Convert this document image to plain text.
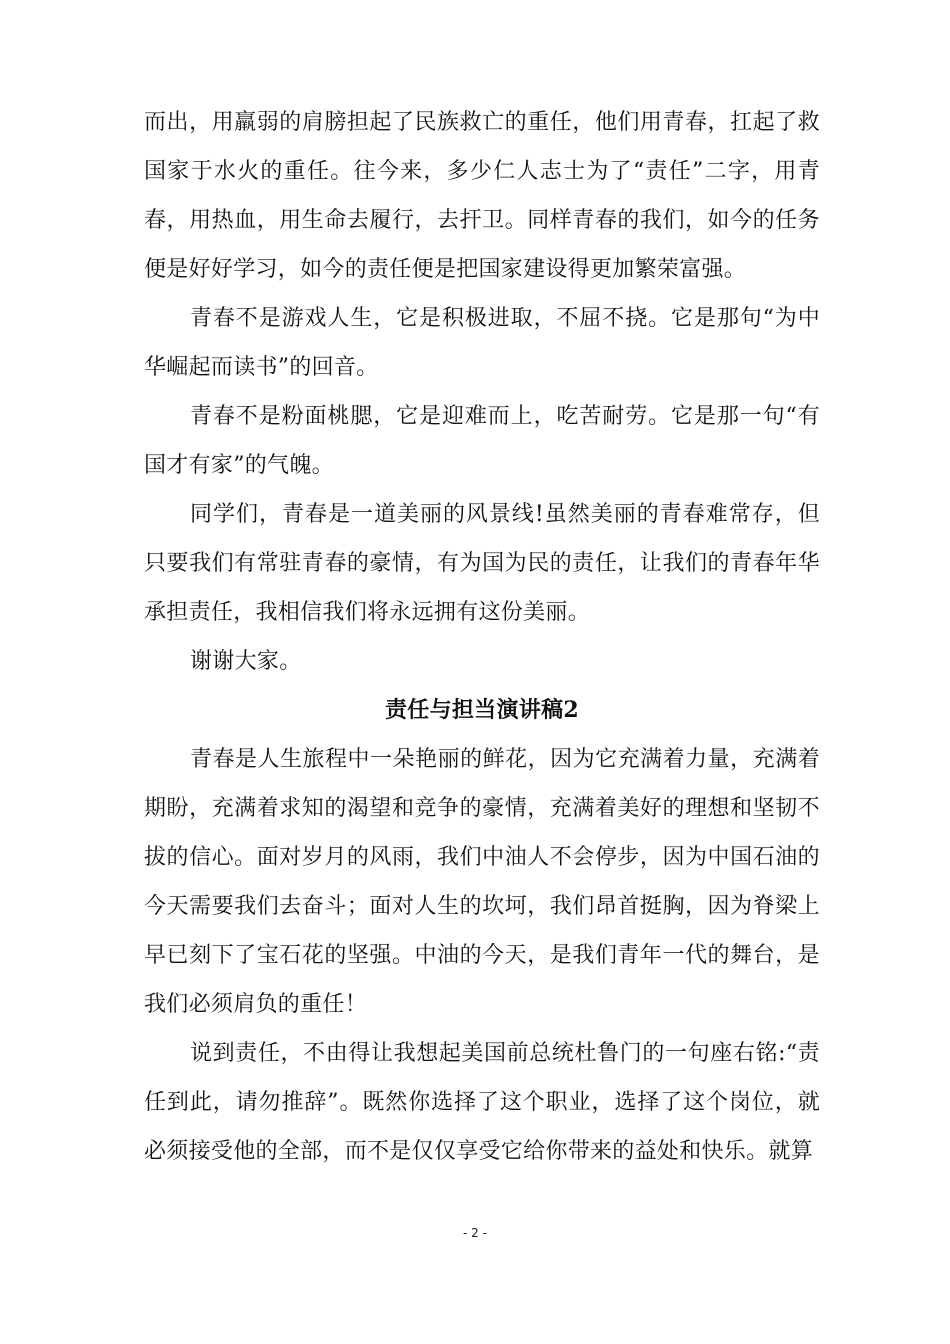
而出，用羸弱的肩膀担起了民族救亡的重任，他们用青春，扛起了救国家于水火的重任。往今来，多少仁人志士为了“责任”二字，用青春，用热血，用生命去履行，去扞卫。同样青春的我们，如今的任务便是好好学习，如今的责任便是把国家建设得更加繁荣富强。

青春不是游戏人生，它是积极进取，不屈不挠。它是那句“为中华崛起而读书”的回音。

青春不是粉面桃腮，它是迎难而上，吃苦耐劳。它是那一句“有国才有家”的气魄。

同学们，青春是一道美丽的风景线!虽然美丽的青春难常存，但只要我们有常驻青春的豪情，有为国为民的责任，让我们的青春年华承担责任，我相信我们将永远拥有这份美丽。

谢谢大家。

责任与担当演讲稿2

青春是人生旅程中一朵艳丽的鲜花，因为它充满着力量，充满着期盼，充满着求知的渴望和竞争的豪情，充满着美好的理想和坚韧不拔的信心。面对岁月的风雨，我们中油人不会停步，因为中国石油的今天需要我们去奋斗；面对人生的坎坷，我们昂首挺胸，因为脊梁上早已刻下了宝石花的坚强。中油的今天，是我们青年一代的舞台，是我们必须肩负的重任！

说到责任，不由得让我想起美国前总统杜鲁门的一句座右铭:“责任到此，请勿推辞”。既然你选择了这个职业，选择了这个岗位，就必须接受他的全部，而不是仅仅享受它给你带来的益处和快乐。就算

- 2 -
